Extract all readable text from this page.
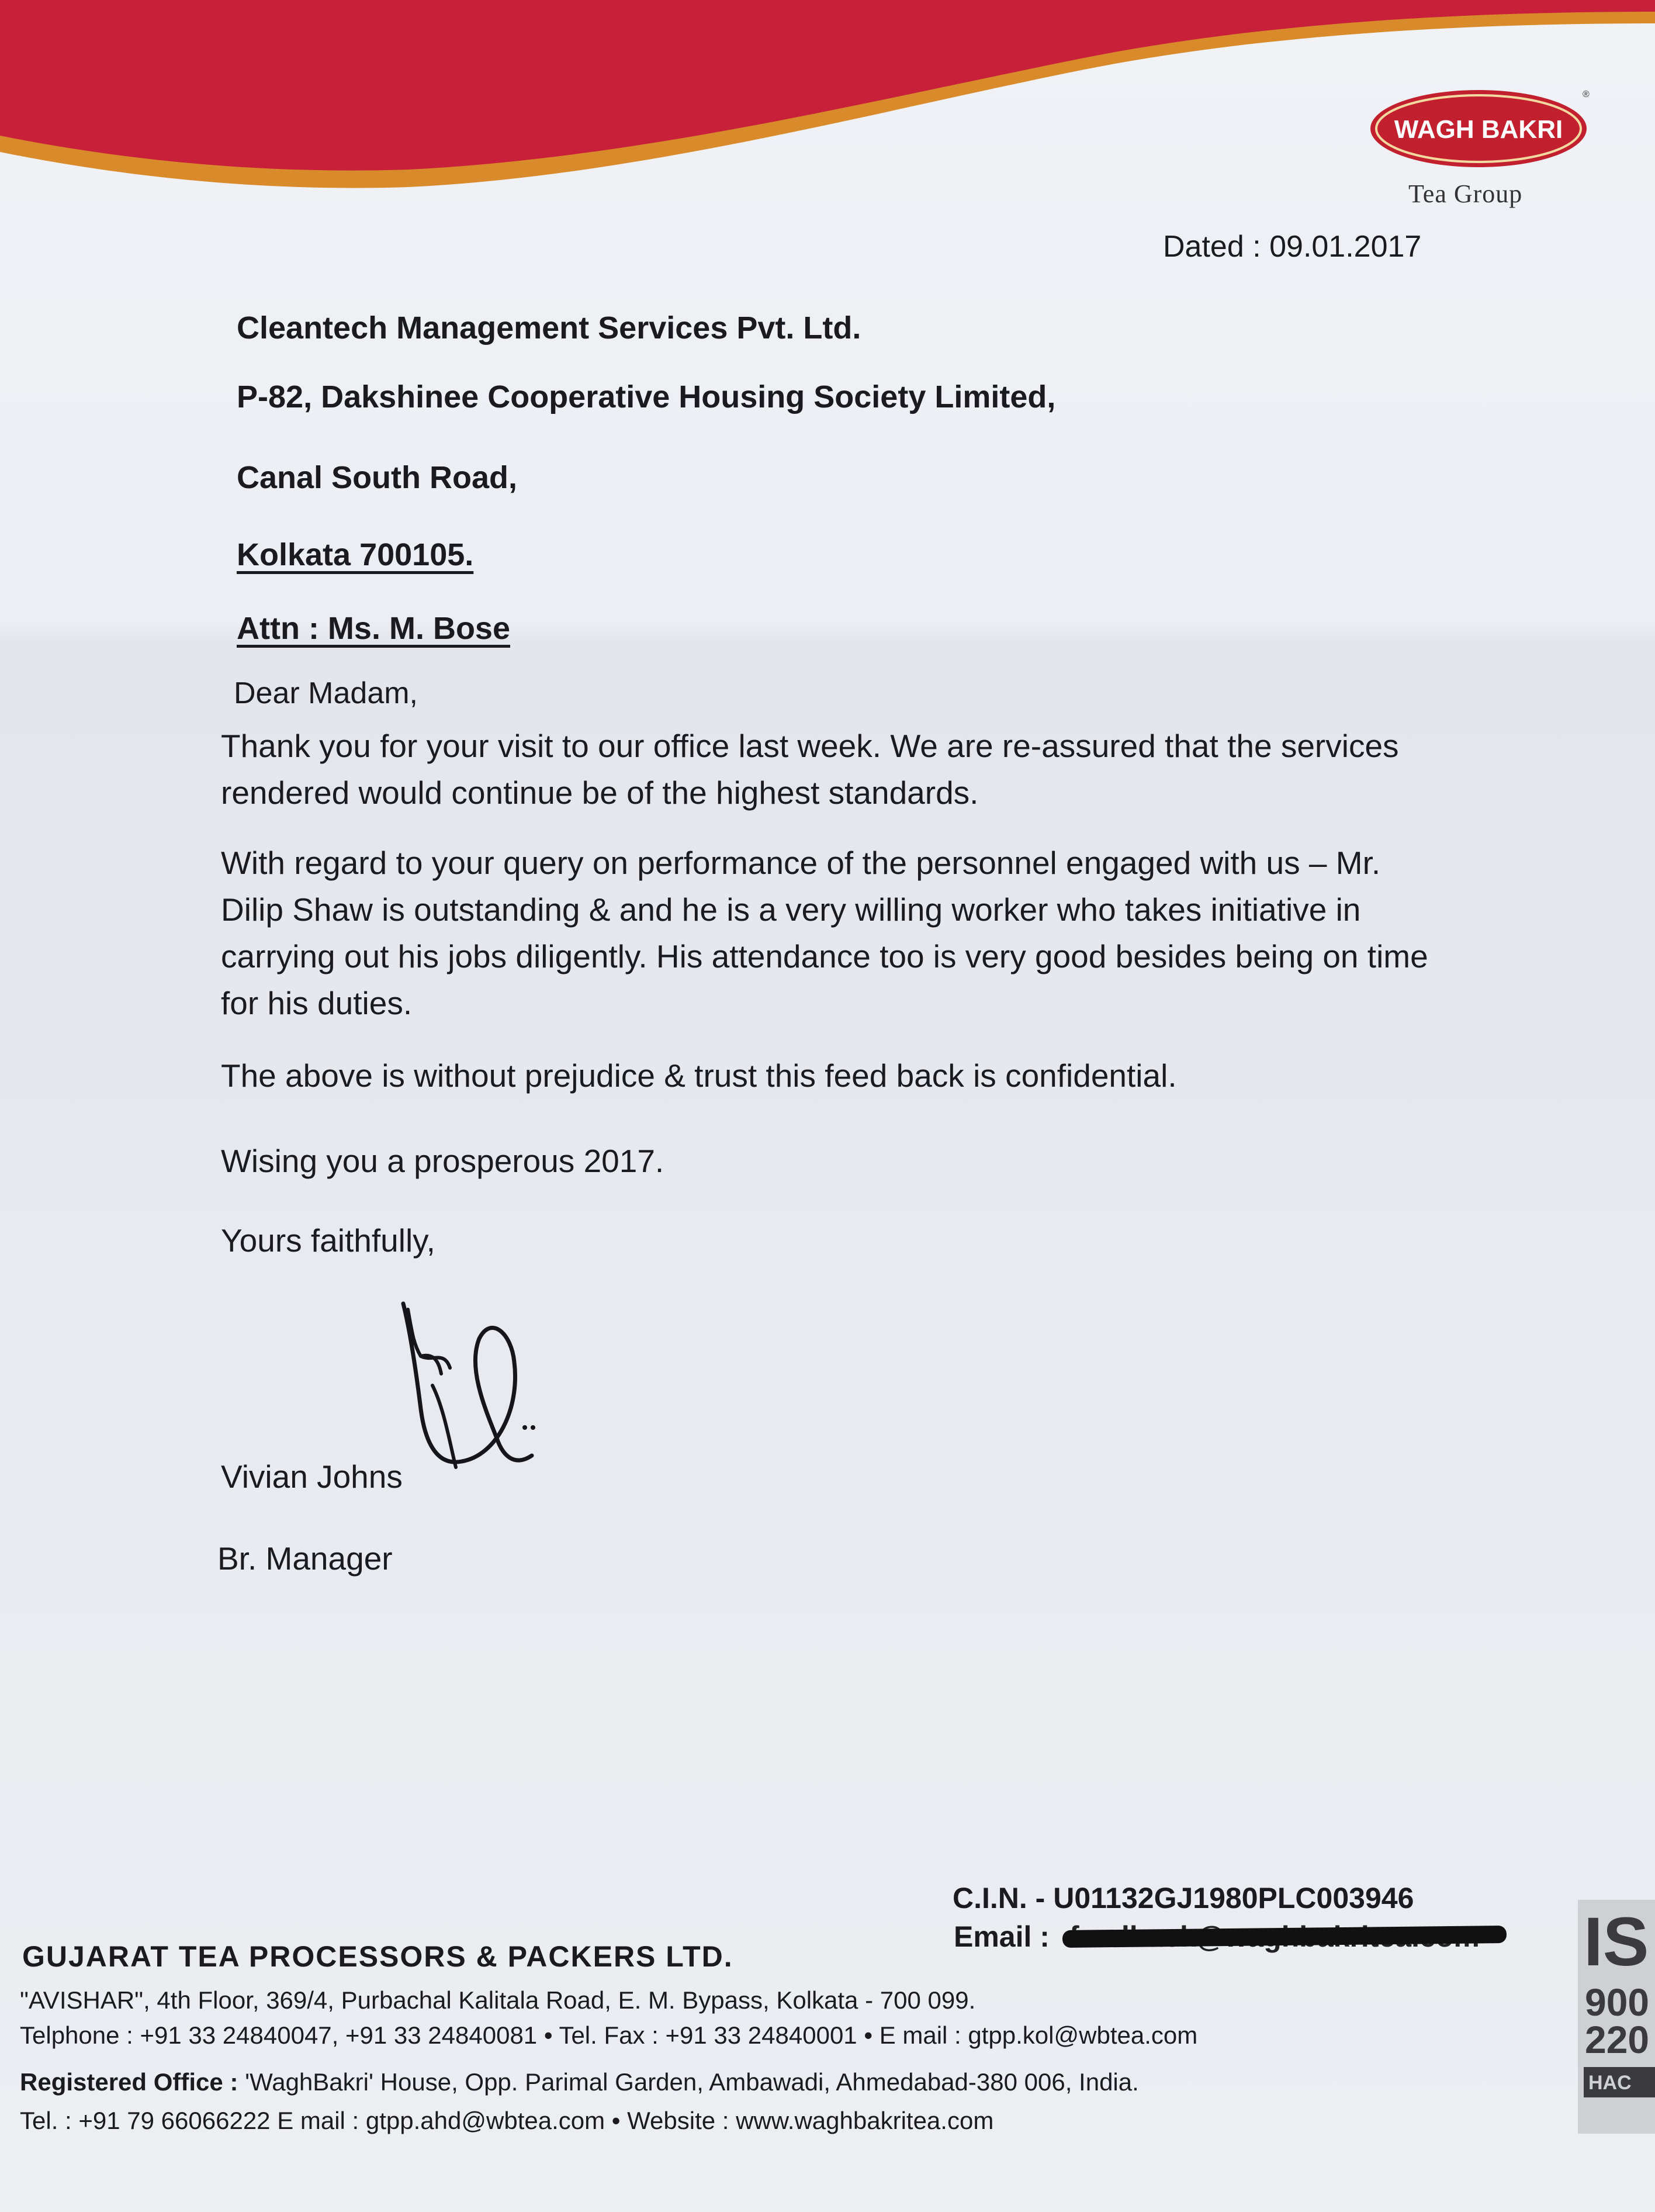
WAGH BAKRI
®
Tea Group
Dated : 09.01.2017
Cleantech Management Services Pvt. Ltd.
P-82, Dakshinee Cooperative Housing Society Limited,
Canal South Road,
Kolkata 700105.
Attn : Ms. M. Bose
Dear Madam,
Thank you for your visit to our office last week. We are re-assured that the services rendered would continue be of the highest standards.
With regard to your query on performance of the personnel engaged with us – Mr. Dilip Shaw is outstanding & and he is a very willing worker who takes initiative in carrying out his jobs diligently. His attendance too is very good besides being on time for his duties.
The above is without prejudice & trust this feed back is confidential.
Wising you a prosperous 2017.
Yours faithfully,
Vivian Johns
Br. Manager
C.I.N. - U01132GJ1980PLC003946
Email :
GUJARAT TEA PROCESSORS & PACKERS LTD.
"AVISHAR", 4th Floor, 369/4, Purbachal Kalitala Road, E. M. Bypass, Kolkata - 700 099.
Telphone : +91 33 24840047, +91 33 24840081 • Tel. Fax : +91 33 24840001 • E mail : gtpp.kol@wbtea.com
Registered Office : 'WaghBakri' House, Opp. Parimal Garden, Ambawadi, Ahmedabad-380 006, India.
Tel. : +91 79 66066222 E mail : gtpp.ahd@wbtea.com • Website : www.waghbakritea.com
IS
900
220
HAC
